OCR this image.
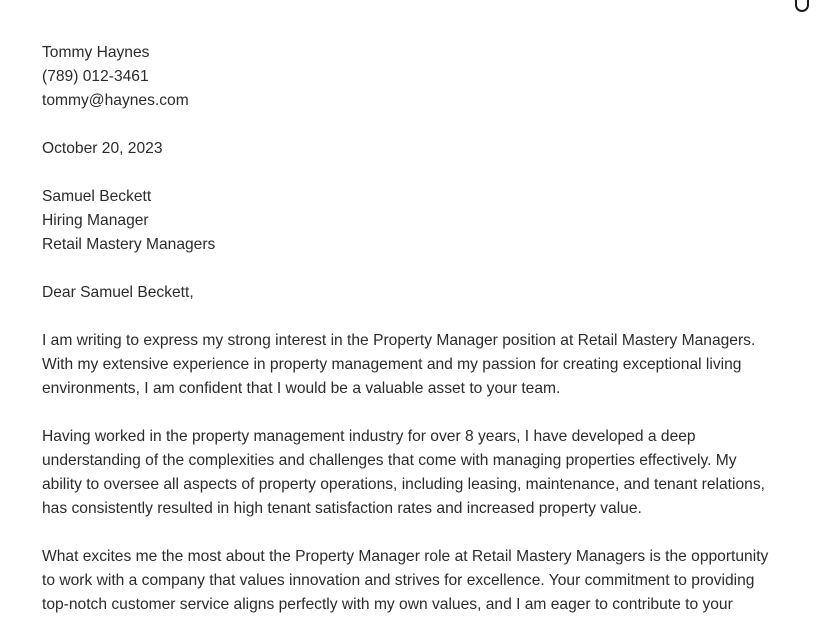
Tommy Haynes
(789) 012-3461
tommy@haynes.com
October 20, 2023
Samuel Beckett
Hiring Manager
Retail Mastery Managers
Dear Samuel Beckett,
I am writing to express my strong interest in the Property Manager position at Retail Mastery Managers.
With my extensive experience in property management and my passion for creating exceptional living
environments, I am confident that I would be a valuable asset to your team.
Having worked in the property management industry for over 8 years, I have developed a deep
understanding of the complexities and challenges that come with managing properties effectively. My
ability to oversee all aspects of property operations, including leasing, maintenance, and tenant relations,
has consistently resulted in high tenant satisfaction rates and increased property value.
What excites me the most about the Property Manager role at Retail Mastery Managers is the opportunity
to work with a company that values innovation and strives for excellence. Your commitment to providing
top-notch customer service aligns perfectly with my own values, and I am eager to contribute to your
